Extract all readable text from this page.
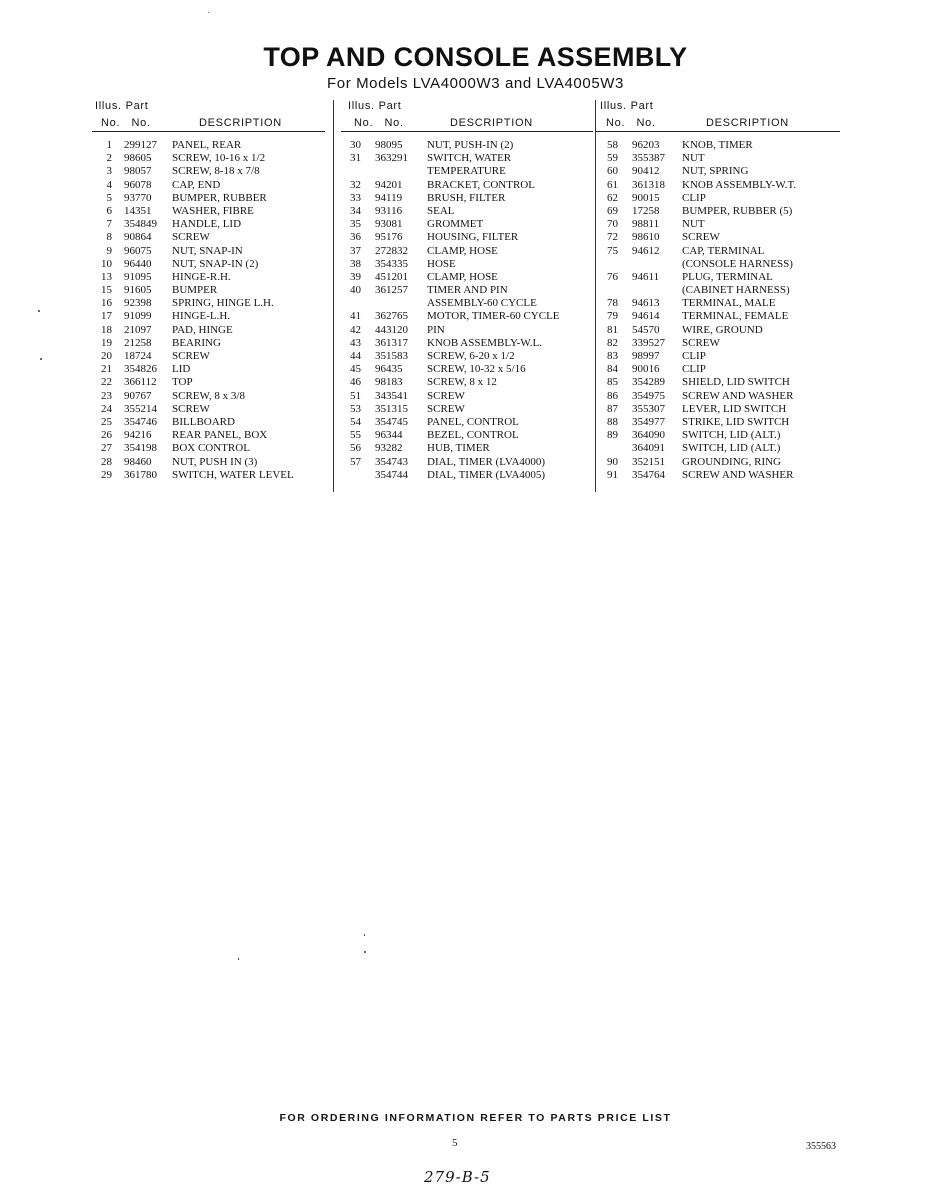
TOP AND CONSOLE ASSEMBLY
For Models LVA4000W3 and LVA4005W3
Illus. Part
No.   No.	DESCRIPTION
Illus. Part
No.   No.	DESCRIPTION
Illus. Part
No.   No.	DESCRIPTION
1 299127 PANEL, REAR
2 98605 SCREW, 10-16 x 1/2
3 98057 SCREW, 8-18 x 7/8
4 96078 CAP, END
5 93770 BUMPER, RUBBER
6 14351 WASHER, FIBRE
7 354849 HANDLE, LID
8 90864 SCREW
9 96075 NUT, SNAP-IN
10 96440 NUT, SNAP-IN (2)
13 91095 HINGE-R.H.
15 91605 BUMPER
16 92398 SPRING, HINGE L.H.
17 91099 HINGE-L.H.
18 21097 PAD, HINGE
19 21258 BEARING
20 18724 SCREW
21 354826 LID
22 366112 TOP
23 90767 SCREW, 8 x 3/8
24 355214 SCREW
25 354746 BILLBOARD
26 94216 REAR PANEL, BOX
27 354198 BOX CONTROL
28 98460 NUT, PUSH IN (3)
29 361780 SWITCH, WATER LEVEL
30 98095 NUT, PUSH-IN (2)
31 363291 SWITCH, WATER
TEMPERATURE
32 94201 BRACKET, CONTROL
33 94119 BRUSH, FILTER
34 93116 SEAL
35 93081 GROMMET
36 95176 HOUSING, FILTER
37 272832 CLAMP, HOSE
38 354335 HOSE
39 451201 CLAMP, HOSE
40 361257 TIMER AND PIN
ASSEMBLY-60 CYCLE
41 362765 MOTOR, TIMER-60 CYCLE
42 443120 PIN
43 361317 KNOB ASSEMBLY-W.L.
44 351583 SCREW, 6-20 x 1/2
45 96435 SCREW, 10-32 x 5/16
46 98183 SCREW, 8 x 12
51 343541 SCREW
53 351315 SCREW
54 354745 PANEL, CONTROL
55 96344 BEZEL, CONTROL
56 93282 HUB, TIMER
57 354743 DIAL, TIMER (LVA4000)
354744 DIAL, TIMER (LVA4005)
58 96203 KNOB, TIMER
59 355387 NUT
60 90412 NUT, SPRING
61 361318 KNOB ASSEMBLY-W.T.
62 90015 CLIP
69 17258 BUMPER, RUBBER (5)
70 98811 NUT
72 98610 SCREW
75 94612 CAP, TERMINAL
(CONSOLE HARNESS)
76 94611 PLUG, TERMINAL
(CABINET HARNESS)
78 94613 TERMINAL, MALE
79 94614 TERMINAL, FEMALE
81 54570 WIRE, GROUND
82 339527 SCREW
83 98997 CLIP
84 90016 CLIP
85 354289 SHIELD, LID SWITCH
86 354975 SCREW AND WASHER
87 355307 LEVER, LID SWITCH
88 354977 STRIKE, LID SWITCH
89 364090 SWITCH, LID (ALT.)
364091 SWITCH, LID (ALT.)
90 352151 GROUNDING, RING
91 354764 SCREW AND WASHER
FOR ORDERING INFORMATION REFER TO PARTS PRICE LIST
5	355563
279-B-5
